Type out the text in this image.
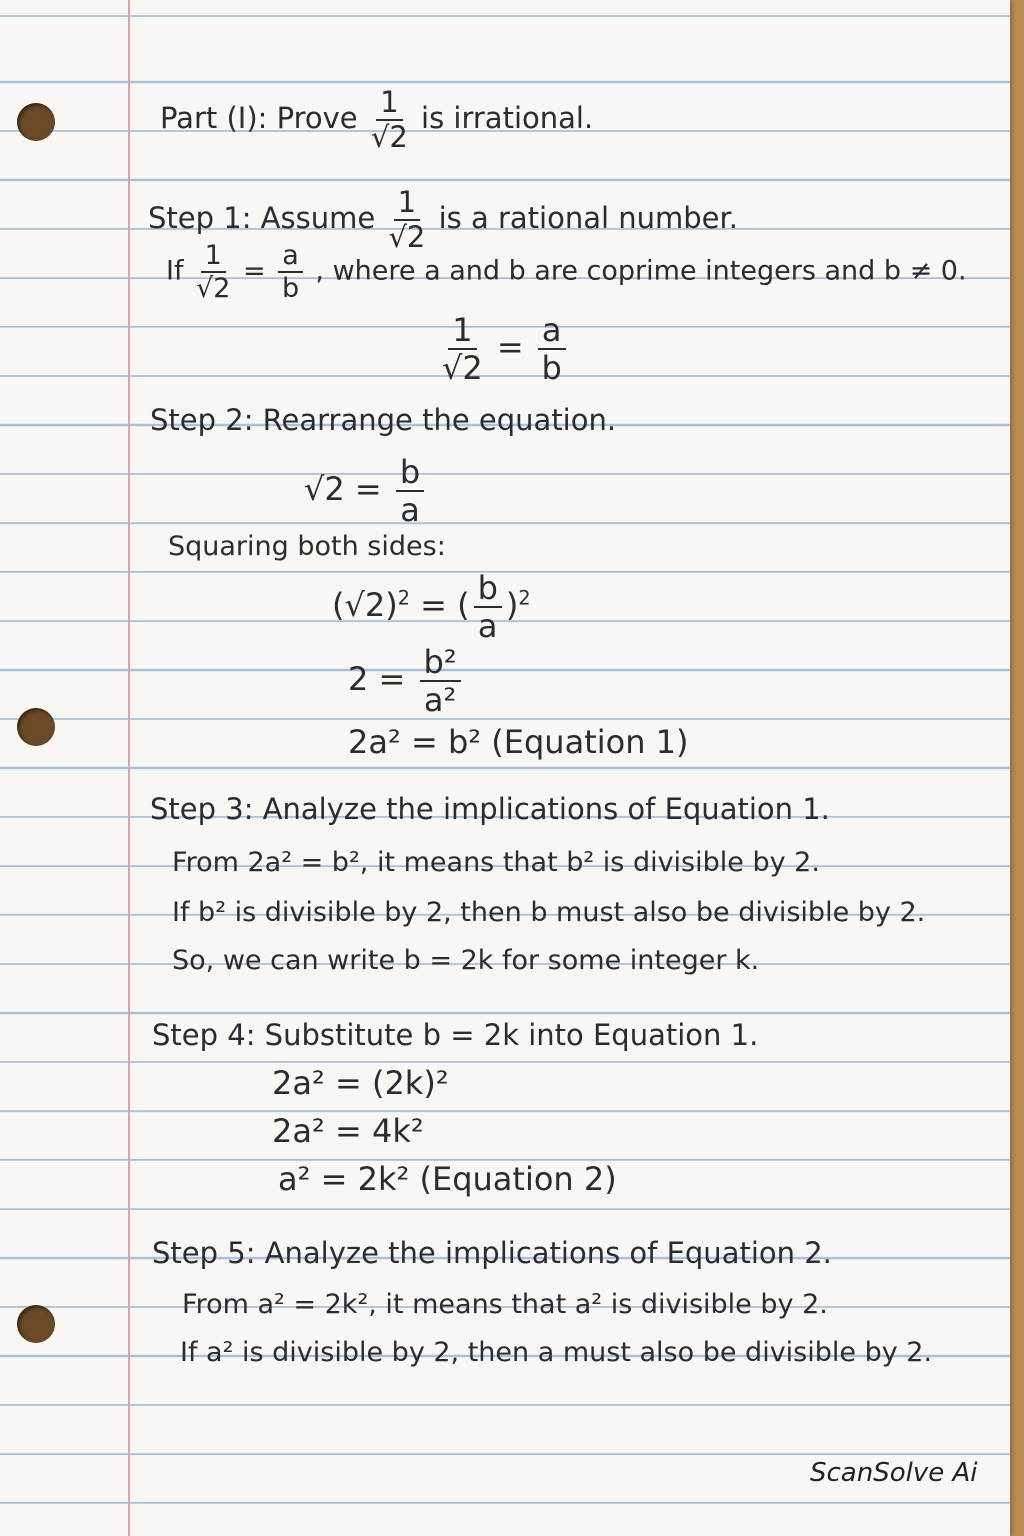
Part (I): Prove $\frac{1}{√2}$ is irrational.
Step 1: Assume $\frac{1}{√2}$ is a rational number.
If $\frac{1}{√2} = \frac{a}{b}$ , where a and b are coprime integers and b ≠ 0.
$\frac{1}{√2} = \frac{a}{b}$
Step 2: Rearrange the equation.
$√2 = \frac{b}{a}$
Squaring both sides:
$(√2)^2$ = ( $\frac{b}{a} )^2$
$2 = \frac{\text{b²}}{\text{a²}}$
2a² = b² (Equation 1)
Step 3: Analyze the implications of Equation 1.
From 2a² = b², it means that b² is divisible by 2.
If b² is divisible by 2, then b must also be divisible by 2.
So, we can write b = 2k for some integer k.
Step 4: Substitute b = 2k into Equation 1.
2a² = (2k)²
2a² = 4k²
a² = 2k² (Equation 2)
Step 5: Analyze the implications of Equation 2.
From a² = 2k², it means that a² is divisible by 2.
If a² is divisible by 2, then a must also be divisible by 2.
ScanSolve Ai
